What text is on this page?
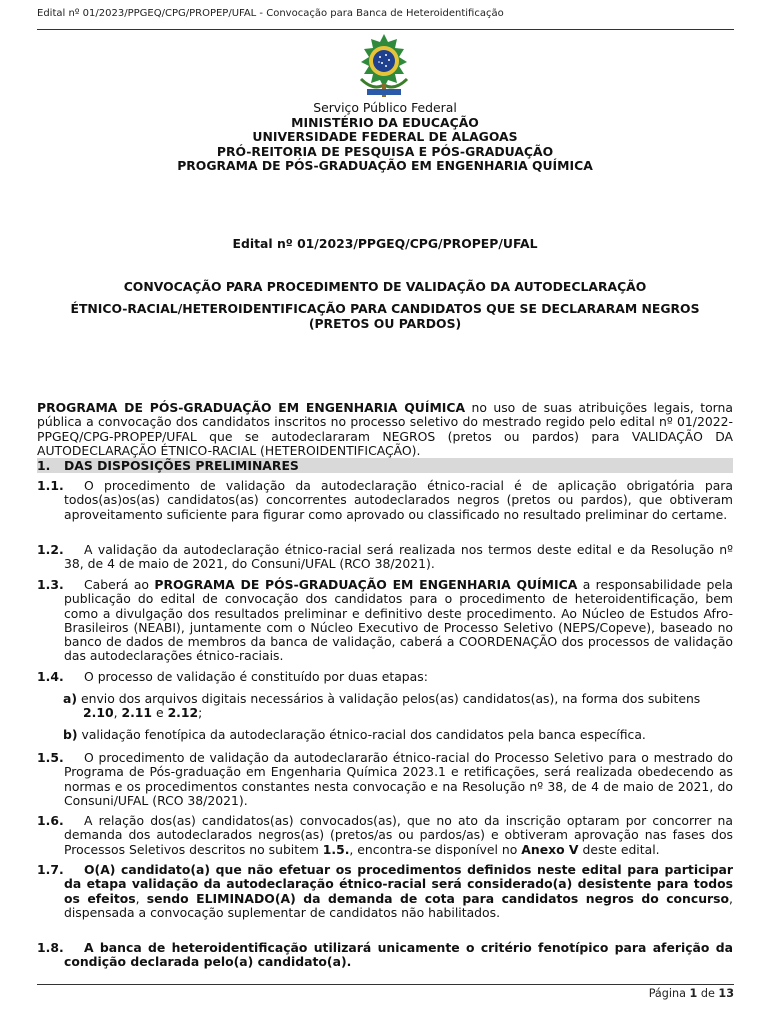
Edital nº 01/2023/PPGEQ/CPG/PROPEP/UFAL - Convocação para Banca de Heteroidentificação
Serviço Público Federal
MINISTÉRIO DA EDUCAÇÃO
UNIVERSIDADE FEDERAL DE ALAGOAS
PRÓ-REITORIA DE PESQUISA E PÓS-GRADUAÇÃO
PROGRAMA DE PÓS-GRADUAÇÃO EM ENGENHARIA QUÍMICA
Edital nº 01/2023/PPGEQ/CPG/PROPEP/UFAL
CONVOCAÇÃO PARA PROCEDIMENTO DE VALIDAÇÃO DA AUTODECLARAÇÃO
ÉTNICO-RACIAL/HETEROIDENTIFICAÇÃO PARA CANDIDATOS QUE SE DECLARARAM NEGROS
(PRETOS OU PARDOS)
PROGRAMA DE PÓS-GRADUAÇÃO EM ENGENHARIA QUÍMICA no uso de suas atribuições legais, torna pública a convocação dos candidatos inscritos no processo seletivo do mestrado regido pelo edital nº 01/2022-PPGEQ/CPG-PROPEP/UFAL que se autodeclararam NEGROS (pretos ou pardos) para VALIDAÇÃO DA AUTODECLARAÇÃO ÉTNICO-RACIAL (HETEROIDENTIFICAÇÃO).
1. DAS DISPOSIÇÕES PRELIMINARES
1.1.	O procedimento de validação da autodeclaração étnico-racial é de aplicação obrigatória para todos(as)os(as) candidatos(as) concorrentes autodeclarados negros (pretos ou pardos), que obtiveram aproveitamento suficiente para figurar como aprovado ou classificado no resultado preliminar do certame.

1.2.	A validação da autodeclaração étnico-racial será realizada nos termos deste edital e da Resolução nº 38, de 4 de maio de 2021, do Consuni/UFAL (RCO 38/2021).

1.3.	Caberá ao PROGRAMA DE PÓS-GRADUAÇÃO EM ENGENHARIA QUÍMICA a responsabilidade pela publicação do edital de convocação dos candidatos para o procedimento de heteroidentificação, bem como a divulgação dos resultados preliminar e definitivo deste procedimento. Ao Núcleo de Estudos Afro-Brasileiros (NEABI), juntamente com o Núcleo Executivo de Processo Seletivo (NEPS/Copeve), baseado no banco de dados de membros da banca de validação, caberá a COORDENAÇÃO dos processos de validação das autodeclarações étnico-raciais.

1.4.	O processo de validação é constituído por duas etapas:

a) envio dos arquivos digitais necessários à validação pelos(as) candidatos(as), na forma dos subitens
2.10, 2.11 e 2.12;
b) validação fenotípica da autodeclaração étnico-racial dos candidatos pela banca específica.
1.5.	O procedimento de validação da autodeclararão étnico-racial do Processo Seletivo para o mestrado do Programa de Pós-graduação em Engenharia Química 2023.1 e retificações, será realizada obedecendo as normas e os procedimentos constantes nesta convocação e na Resolução nº 38, de 4 de maio de 2021, do Consuni/UFAL (RCO 38/2021).

1.6.	A relação dos(as) candidatos(as) convocados(as), que no ato da inscrição optaram por concorrer na demanda dos autodeclarados negros(as) (pretos/as ou pardos/as) e obtiveram aprovação nas fases dos Processos Seletivos descritos no subitem 1.5., encontra-se disponível no Anexo V deste edital.

1.7.	O(A) candidato(a) que não efetuar os procedimentos definidos neste edital para participar da etapa validação da autodeclaração étnico-racial será considerado(a) desistente para todos os efeitos, sendo ELIMINADO(A) da demanda de cota para candidatos negros do concurso, dispensada a convocação suplementar de candidatos não habilitados.

1.8.	A banca de heteroidentificação utilizará unicamente o critério fenotípico para aferição da condição declarada pelo(a) candidato(a).

Página 1 de 13
